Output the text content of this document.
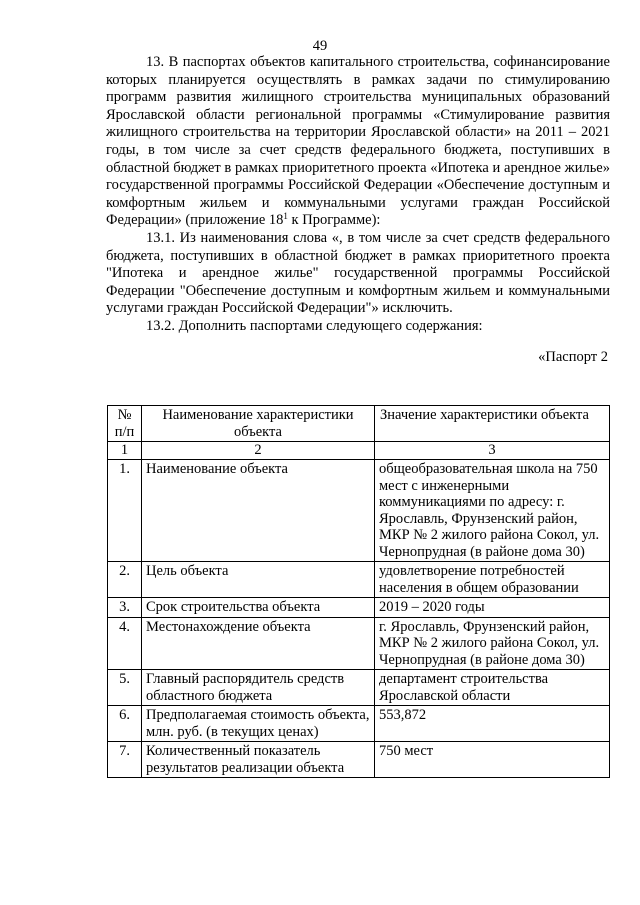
49

13. В паспортах объектов капитального строительства, софинансирование которых планируется осуществлять в рамках задачи по стимулированию программ развития жилищного строительства муниципальных образований Ярославской области региональной программы «Стимулирование развития жилищного строительства на территории Ярославской области» на 2011 – 2021 годы, в том числе за счет средств федерального бюджета, поступивших в областной бюджет в рамках приоритетного проекта «Ипотека и арендное жилье» государственной программы Российской Федерации «Обеспечение доступным и комфортным жильем и коммунальными услугами граждан Российской Федерации» (приложение $18^1$ к Программе):

13.1. Из наименования слова «, в том числе за счет средств федерального бюджета, поступивших в областной бюджет в рамках приоритетного проекта "Ипотека и арендное жилье" государственной программы Российской Федерации "Обеспечение доступным и комфортным жильем и коммунальными услугами граждан Российской Федерации"» исключить.

13.2. Дополнить паспортами следующего содержания:

«Паспорт 2

№ п/п	Наименование характеристики объекта	Значение характеристики объекта
1	2	3
1.	Наименование объекта	общеобразовательная школа на 750 мест с инженерными коммуникациями по адресу: г. Ярославль, Фрунзенский район, МКР № 2 жилого района Сокол, ул. Чернопрудная (в районе дома 30)
2.	Цель объекта	удовлетворение потребностей населения в общем образовании
3.	Срок строительства объекта	2019 – 2020 годы
4.	Местонахождение объекта	г. Ярославль, Фрунзенский район, МКР № 2 жилого района Сокол, ул. Чернопрудная (в районе дома 30)
5.	Главный распорядитель средств областного бюджета	департамент строительства Ярославской области
6.	Предполагаемая стоимость объекта, млн. руб. (в текущих ценах)	553,872
7.	Количественный показатель результатов реализации объекта	750 мест
